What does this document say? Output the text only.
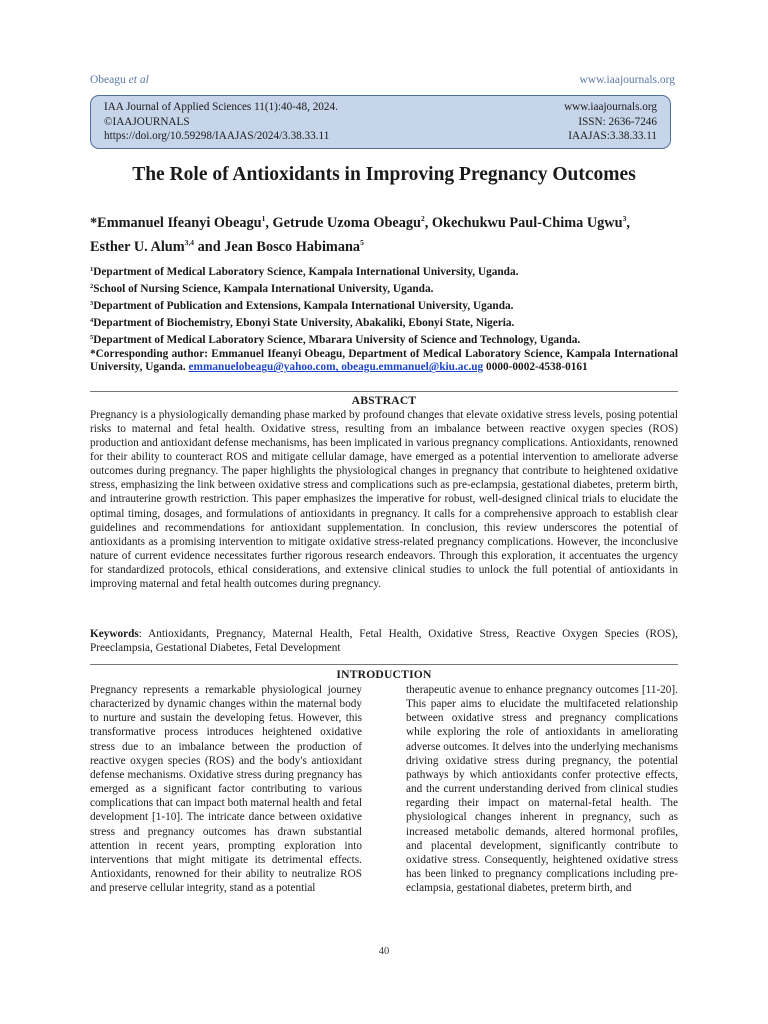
Obeagu et al	www.iaajournals.org
IAA Journal of Applied Sciences 11(1):40-48, 2024.	www.iaajournals.org
©IAAJOURNALS	ISSN: 2636-7246
https://doi.org/10.59298/IAAJAS/2024/3.38.33.11	IAAJAS:3.38.33.11
The Role of Antioxidants in Improving Pregnancy Outcomes
*Emmanuel Ifeanyi Obeagu$^1$, Getrude Uzoma Obeagu$^2$, Okechukwu Paul-Chima Ugwu$^3$,
Esther U. Alum$^{3,4}$ and Jean Bosco Habimana$^5$
$^1$Department of Medical Laboratory Science, Kampala International University, Uganda.
$^2$School of Nursing Science, Kampala International University, Uganda.
$^3$Department of Publication and Extensions, Kampala International University, Uganda.
$^4$Department of Biochemistry, Ebonyi State University, Abakaliki, Ebonyi State, Nigeria.
$^5$Department of Medical Laboratory Science, Mbarara University of Science and Technology, Uganda.
*Corresponding author: Emmanuel Ifeanyi Obeagu, Department of Medical Laboratory Science, Kampala International University, Uganda. emmanuelobeagu@yahoo.com, obeagu.emmanuel@kiu.ac.ug 0000-0002-4538-0161
ABSTRACT

Pregnancy is a physiologically demanding phase marked by profound changes that elevate oxidative stress levels, posing potential risks to maternal and fetal health. Oxidative stress, resulting from an imbalance between reactive oxygen species (ROS) production and antioxidant defense mechanisms, has been implicated in various pregnancy complications. Antioxidants, renowned for their ability to counteract ROS and mitigate cellular damage, have emerged as a potential intervention to ameliorate adverse outcomes during pregnancy. The paper highlights the physiological changes in pregnancy that contribute to heightened oxidative stress, emphasizing the link between oxidative stress and complications such as pre-eclampsia, gestational diabetes, preterm birth, and intrauterine growth restriction. This paper emphasizes the imperative for robust, well-designed clinical trials to elucidate the optimal timing, dosages, and formulations of antioxidants in pregnancy. It calls for a comprehensive approach to establish clear guidelines and recommendations for antioxidant supplementation. In conclusion, this review underscores the potential of antioxidants as a promising intervention to mitigate oxidative stress-related pregnancy complications. However, the inconclusive nature of current evidence necessitates further rigorous research endeavors. Through this exploration, it accentuates the urgency for standardized protocols, ethical considerations, and extensive clinical studies to unlock the full potential of antioxidants in improving maternal and fetal health outcomes during pregnancy.

Keywords: Antioxidants, Pregnancy, Maternal Health, Fetal Health, Oxidative Stress, Reactive Oxygen Species (ROS), Preeclampsia, Gestational Diabetes, Fetal Development

INTRODUCTION

Pregnancy represents a remarkable physiological journey characterized by dynamic changes within the maternal body to nurture and sustain the developing fetus. However, this transformative process introduces heightened oxidative stress due to an imbalance between the production of reactive oxygen species (ROS) and the body's antioxidant defense mechanisms. Oxidative stress during pregnancy has emerged as a significant factor contributing to various complications that can impact both maternal health and fetal development [1-10]. The intricate dance between oxidative stress and pregnancy outcomes has drawn substantial attention in recent years, prompting exploration into interventions that might mitigate its detrimental effects. Antioxidants, renowned for their ability to neutralize ROS and preserve cellular integrity, stand as a potential

therapeutic avenue to enhance pregnancy outcomes [11-20]. This paper aims to elucidate the multifaceted relationship between oxidative stress and pregnancy complications while exploring the role of antioxidants in ameliorating adverse outcomes. It delves into the underlying mechanisms driving oxidative stress during pregnancy, the potential pathways by which antioxidants confer protective effects, and the current understanding derived from clinical studies regarding their impact on maternal-fetal health. The physiological changes inherent in pregnancy, such as increased metabolic demands, altered hormonal profiles, and placental development, significantly contribute to oxidative stress. Consequently, heightened oxidative stress has been linked to pregnancy complications including pre-eclampsia, gestational diabetes, preterm birth, and

40
